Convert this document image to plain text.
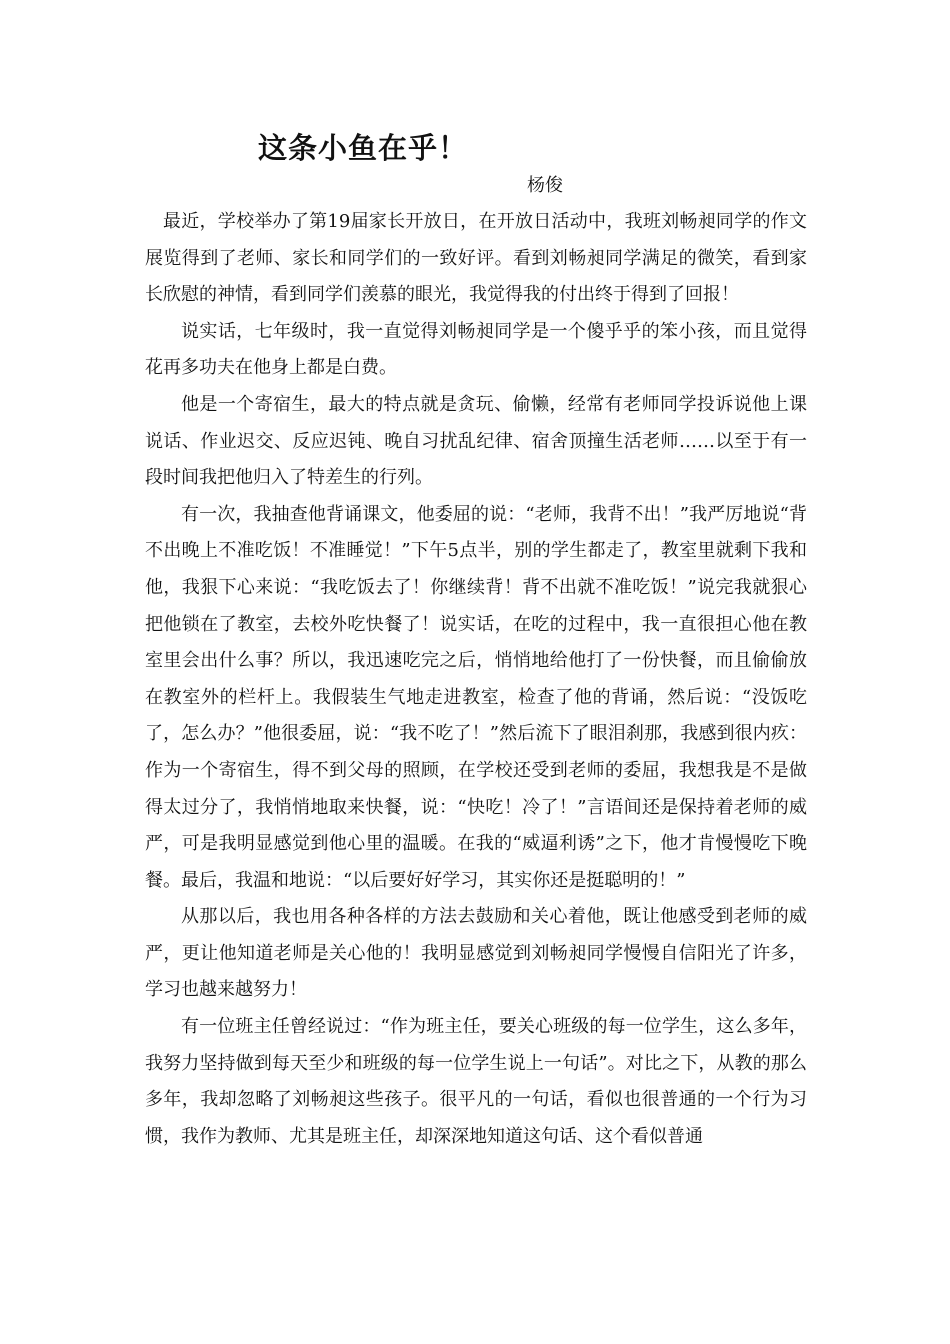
这条小鱼在乎！

杨俊

最近，学校举办了第19届家长开放日，在开放日活动中，我班刘畅昶同学的作文展览得到了老师、家长和同学们的一致好评。看到刘畅昶同学满足的微笑，看到家长欣慰的神情，看到同学们羡慕的眼光，我觉得我的付出终于得到了回报！

说实话，七年级时，我一直觉得刘畅昶同学是一个傻乎乎的笨小孩，而且觉得花再多功夫在他身上都是白费。

他是一个寄宿生，最大的特点就是贪玩、偷懒，经常有老师同学投诉说他上课说话、作业迟交、反应迟钝、晚自习扰乱纪律、宿舍顶撞生活老师……以至于有一段时间我把他归入了特差生的行列。

有一次，我抽查他背诵课文，他委屈的说：“老师，我背不出！”我严厉地说“背不出晚上不准吃饭！不准睡觉！”下午5点半，别的学生都走了，教室里就剩下我和他，我狠下心来说：“我吃饭去了！你继续背！背不出就不准吃饭！”说完我就狠心把他锁在了教室，去校外吃快餐了！说实话，在吃的过程中，我一直很担心他在教室里会出什么事？所以，我迅速吃完之后，悄悄地给他打了一份快餐，而且偷偷放在教室外的栏杆上。我假装生气地走进教室，检查了他的背诵，然后说：“没饭吃了，怎么办？”他很委屈，说：“我不吃了！”然后流下了眼泪刹那，我感到很内疚：作为一个寄宿生，得不到父母的照顾，在学校还受到老师的委屈，我想我是不是做得太过分了，我悄悄地取来快餐，说：“快吃！冷了！”言语间还是保持着老师的威严，可是我明显感觉到他心里的温暖。在我的“威逼利诱”之下，他才肯慢慢吃下晚餐。最后，我温和地说：“以后要好好学习，其实你还是挺聪明的！”

从那以后，我也用各种各样的方法去鼓励和关心着他，既让他感受到老师的威严，更让他知道老师是关心他的！我明显感觉到刘畅昶同学慢慢自信阳光了许多，学习也越来越努力！

有一位班主任曾经说过：“作为班主任，要关心班级的每一位学生，这么多年，我努力坚持做到每天至少和班级的每一位学生说上一句话”。对比之下，从教的那么多年，我却忽略了刘畅昶这些孩子。很平凡的一句话，看似也很普通的一个行为习惯，我作为教师、尤其是班主任，却深深地知道这句话、这个看似普通
